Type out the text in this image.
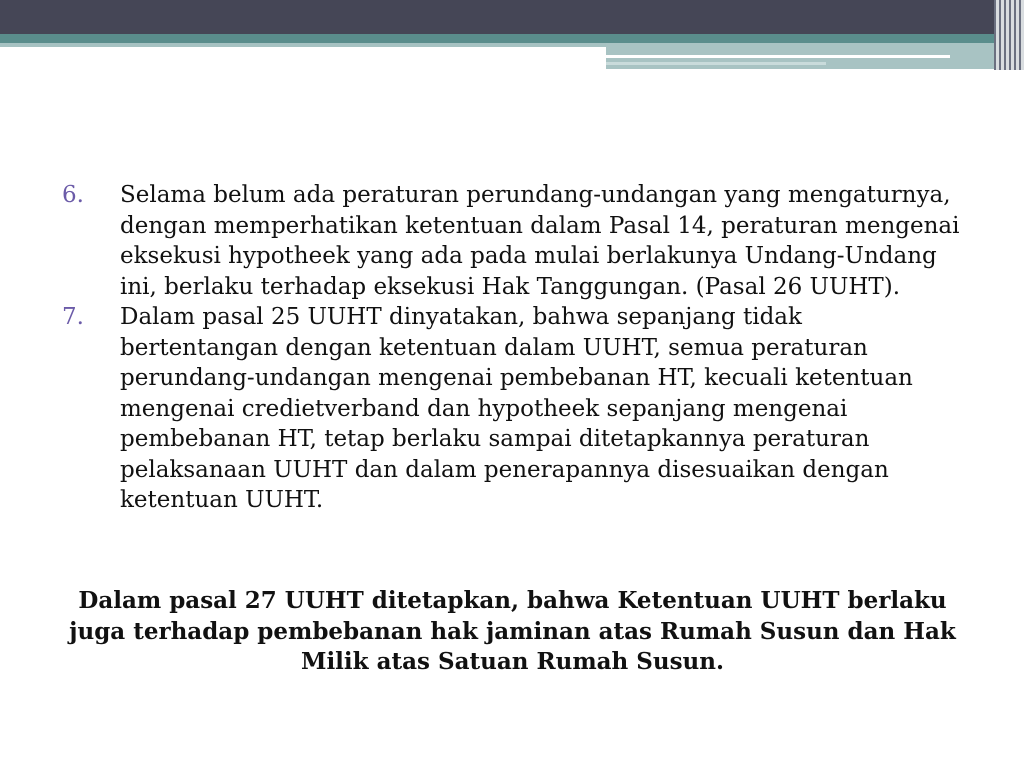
6. Selama belum ada peraturan perundang-undangan yang mengaturnya, dengan memperhatikan ketentuan dalam Pasal 14, peraturan mengenai eksekusi hypotheek yang ada pada mulai berlakunya Undang-Undang ini, berlaku terhadap eksekusi Hak Tanggungan. (Pasal 26 UUHT).
7. Dalam pasal 25 UUHT dinyatakan, bahwa sepanjang tidak bertentangan dengan ketentuan dalam UUHT, semua peraturan perundang-undangan mengenai pembebanan HT, kecuali ketentuan mengenai credietverband dan hypotheek sepanjang mengenai pembebanan HT, tetap berlaku sampai ditetapkannya peraturan pelaksanaan UUHT dan dalam penerapannya disesuaikan dengan ketentuan UUHT.
Dalam pasal 27 UUHT ditetapkan, bahwa Ketentuan UUHT berlaku juga terhadap pembebanan hak jaminan atas Rumah Susun dan Hak Milik atas Satuan Rumah Susun.
